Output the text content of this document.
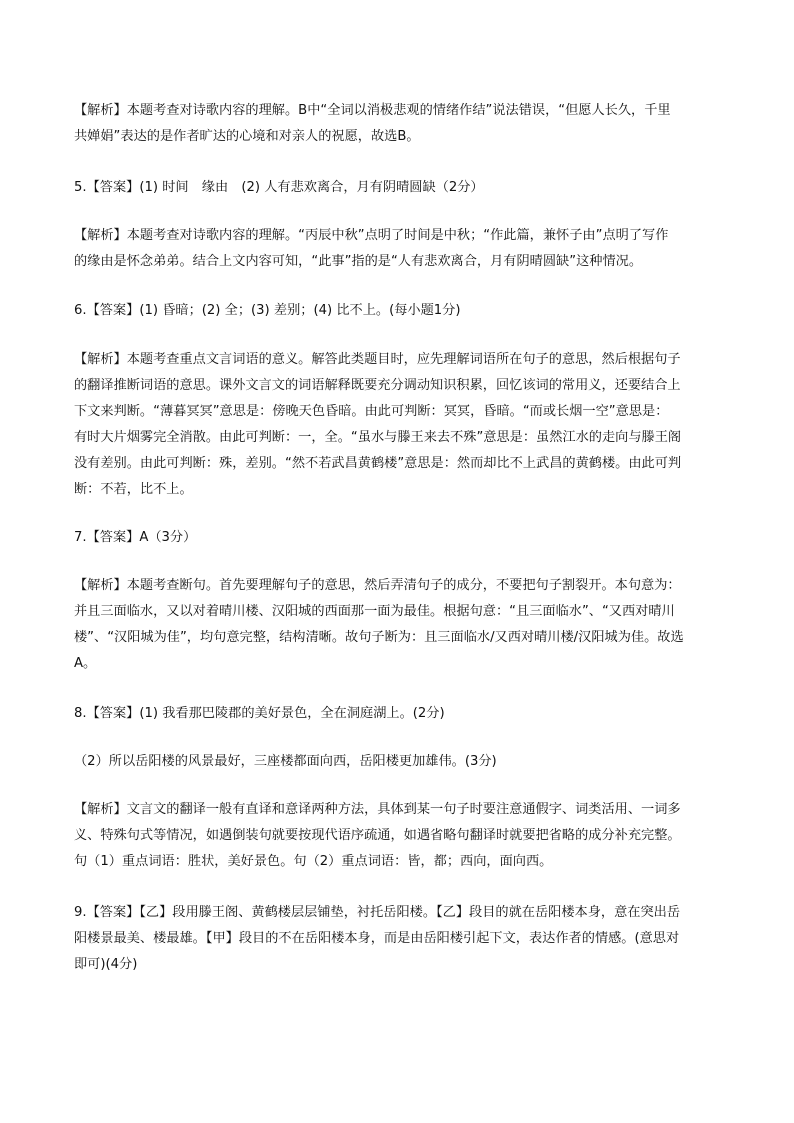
【解析】本题考查对诗歌内容的理解。B中“全词以消极悲观的情绪作结”说法错误，“但愿人长久，千里
共婵娟”表达的是作者旷达的心境和对亲人的祝愿，故选B。
5.【答案】(1) 时间　缘由　(2) 人有悲欢离合，月有阴晴圆缺（2分）
【解析】本题考查对诗歌内容的理解。“丙辰中秋”点明了时间是中秋；“作此篇，兼怀子由”点明了写作
的缘由是怀念弟弟。结合上文内容可知，“此事”指的是“人有悲欢离合，月有阴晴圆缺”这种情况。
6.【答案】(1) 昏暗；(2) 全；(3) 差别；(4) 比不上。(每小题1分)
【解析】本题考查重点文言词语的意义。解答此类题目时，应先理解词语所在句子的意思，然后根据句子
的翻译推断词语的意思。课外文言文的词语解释既要充分调动知识积累，回忆该词的常用义，还要结合上
下文来判断。“薄暮冥冥”意思是：傍晚天色昏暗。由此可判断：冥冥，昏暗。“而或长烟一空”意思是：
有时大片烟雾完全消散。由此可判断：一，全。“虽水与滕王来去不殊”意思是：虽然江水的走向与滕王阁
没有差别。由此可判断：殊，差别。“然不若武昌黄鹤楼”意思是：然而却比不上武昌的黄鹤楼。由此可判
断：不若，比不上。
7.【答案】A（3分）
【解析】本题考查断句。首先要理解句子的意思，然后弄清句子的成分，不要把句子割裂开。本句意为：
并且三面临水，又以对着晴川楼、汉阳城的西面那一面为最佳。根据句意：“且三面临水”、“又西对晴川
楼”、“汉阳城为佳”，均句意完整，结构清晰。故句子断为：且三面临水/又西对晴川楼/汉阳城为佳。故选
A。
8.【答案】(1) 我看那巴陵郡的美好景色，全在洞庭湖上。(2分)
（2）所以岳阳楼的风景最好，三座楼都面向西，岳阳楼更加雄伟。(3分)
【解析】文言文的翻译一般有直译和意译两种方法，具体到某一句子时要注意通假字、词类活用、一词多
义、特殊句式等情况，如遇倒装句就要按现代语序疏通，如遇省略句翻译时就要把省略的成分补充完整。
句（1）重点词语：胜状，美好景色。句（2）重点词语：皆，都；西向，面向西。
9.【答案】【乙】段用滕王阁、黄鹤楼层层铺垫，衬托岳阳楼。【乙】段目的就在岳阳楼本身，意在突出岳
阳楼景最美、楼最雄。【甲】段目的不在岳阳楼本身，而是由岳阳楼引起下文，表达作者的情感。(意思对
即可)(4分)
